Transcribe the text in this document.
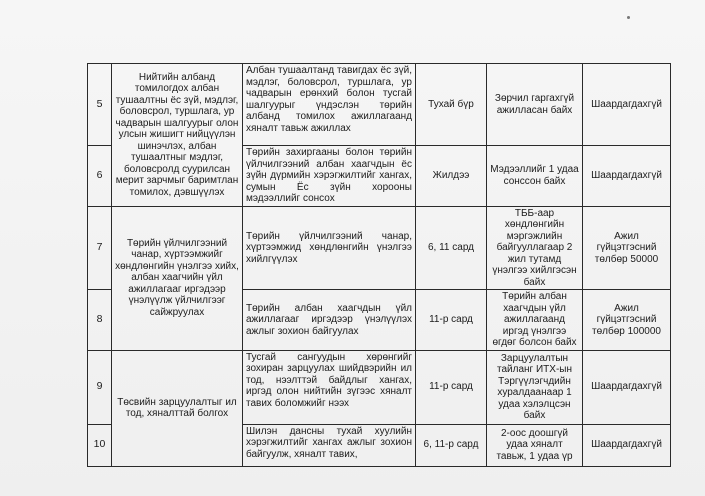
5	Нийтийн албанд томилогдох албан тушаалтны ёс зүй, мэдлэг, боловсрол, туршлага, ур чадварын шалгуурыг олон улсын жишигт нийцүүлэн шинэчлэх, албан тушаалтныг мэдлэг, боловсролд суурилсан мерит зарчмыг баримтлан томилох, дэвшүүлэх	Албан тушаалтанд тавигдах ёс зүй, мэдлэг, боловсрол, туршлага, ур чадварын ерөнхий болон тусгай шалгуурыг үндэслэн төрийн албанд томилох ажиллагаанд хяналт тавьж ажиллах	Тухай бүр	Зөрчил гаргахгүй ажилласан байх	Шаардагдахгүй
6		Төрийн захиргааны болон төрийн үйлчилгээний албан хаагчдын ёс зүйн дүрмийн хэрэгжилтийг хангах, сумын Ёс зүйн хорооны мэдээллийг сонсох	Жилдээ	Мэдээллийг 1 удаа сонссон байх	Шаардагдахгүй
7	Төрийн үйлчилгээний чанар, хүртээмжийг хөндлөнгийн үнэлгээ хийх, албан хаагчийн үйл ажиллагааг иргэдээр үнэлүүлж үйлчилгээг сайжруулах	Төрийн үйлчилгээний чанар, хүртээмжид хөндлөнгийн үнэлгээ хийлгүүлэх	6, 11 сард	ТББ-аар хөндлөнгийн мэргэжлийн байгууллагаар 2 жил тутамд үнэлгээ хийлгэсэн байх	Ажил гүйцэтгэсний төлбөр 50000
8		Төрийн албан хаагчдын үйл ажиллагааг иргэдээр үнэлүүлэх ажлыг зохион байгуулах	11-р сард	Төрийн албан хаагчдын үйл ажиллагаанд иргэд үнэлгээ өгдөг болсон байх	Ажил гүйцэтгэсний төлбөр 100000
9	Төсвийн зарцуулалтыг ил тод, хяналттай болгох	Тусгай сангуудын хөрөнгийг зохиран зарцуулах шийдвэрийн ил тод, нээлттэй байдлыг хангах, иргэд олон нийтийн зүгээс хяналт тавих боломжийг нээх	11-р сард	Зарцуулалтын тайланг ИТХ-ын Тэргүүлэгчдийн хуралдаанаар 1 удаа хэлэлцсэн байх	Шаардагдахгүй
10		Шилэн дансны тухай хуулийн хэрэгжилтийг хангах ажлыг зохион байгуулж, хяналт тавих,	6, 11-р сард	2-оос доошгүй удаа хяналт тавьж, 1 удаа үр	Шаардагдахгүй
